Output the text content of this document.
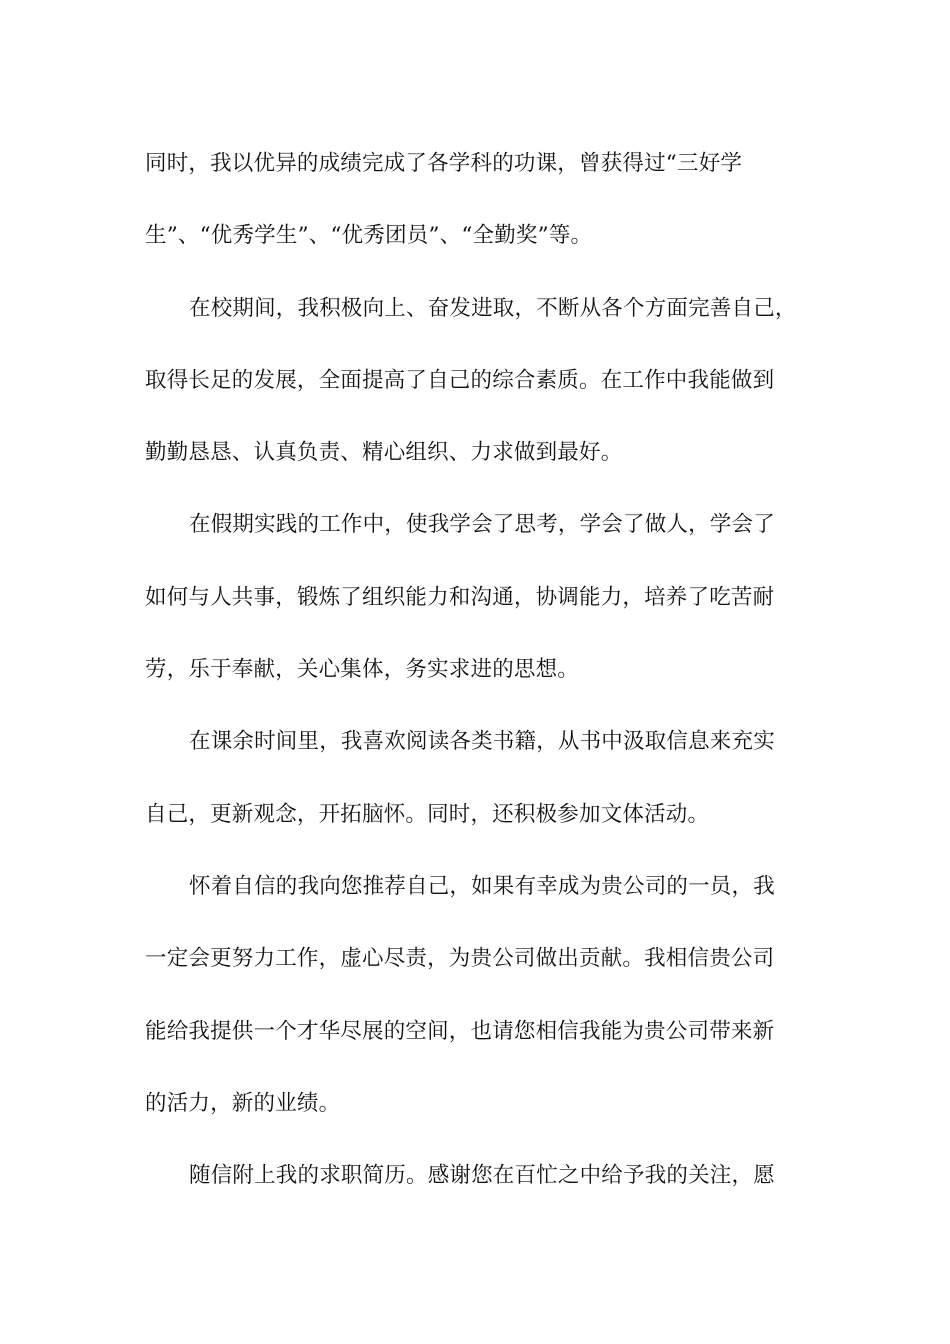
同时，我以优异的成绩完成了各学科的功课，曾获得过“三好学
生”、“优秀学生”、“优秀团员”、“全勤奖”等。
在校期间，我积极向上、奋发进取，不断从各个方面完善自己，
取得长足的发展，全面提高了自己的综合素质。在工作中我能做到
勤勤恳恳、认真负责、精心组织、力求做到最好。
在假期实践的工作中，使我学会了思考，学会了做人，学会了
如何与人共事，锻炼了组织能力和沟通，协调能力，培养了吃苦耐
劳，乐于奉献，关心集体，务实求进的思想。
在课余时间里，我喜欢阅读各类书籍，从书中汲取信息来充实
自己，更新观念，开拓脑怀。同时，还积极参加文体活动。
怀着自信的我向您推荐自己，如果有幸成为贵公司的一员，我
一定会更努力工作，虚心尽责，为贵公司做出贡献。我相信贵公司
能给我提供一个才华尽展的空间，也请您相信我能为贵公司带来新
的活力，新的业绩。
随信附上我的求职简历。感谢您在百忙之中给予我的关注，愿
